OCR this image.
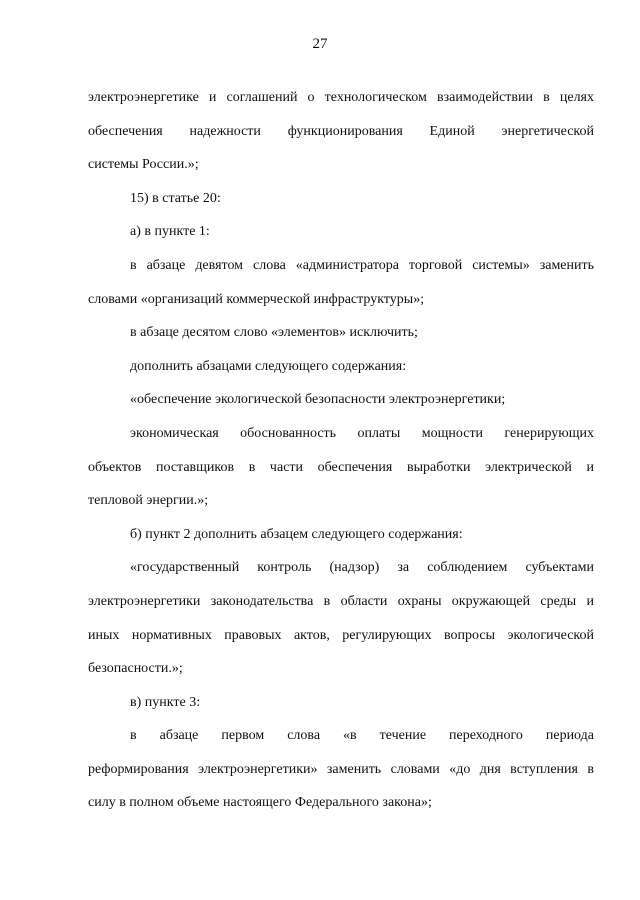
27
электроэнергетике и соглашений о технологическом взаимодействии в целях
обеспечения надежности функционирования Единой энергетической
системы России.»;
15) в статье 20:
а) в пункте 1:
в абзаце девятом слова «администратора торговой системы» заменить
словами «организаций коммерческой инфраструктуры»;
в абзаце десятом слово «элементов» исключить;
дополнить абзацами следующего содержания:
«обеспечение экологической безопасности электроэнергетики;
экономическая обоснованность оплаты мощности генерирующих
объектов поставщиков в части обеспечения выработки электрической и
тепловой энергии.»;
б) пункт 2 дополнить абзацем следующего содержания:
«государственный контроль (надзор) за соблюдением субъектами
электроэнергетики законодательства в области охраны окружающей среды и
иных нормативных правовых актов, регулирующих вопросы экологической
безопасности.»;
в) пункте 3:
в абзаце первом слова «в течение переходного периода
реформирования электроэнергетики» заменить словами «до дня вступления в
силу в полном объеме настоящего Федерального закона»;
